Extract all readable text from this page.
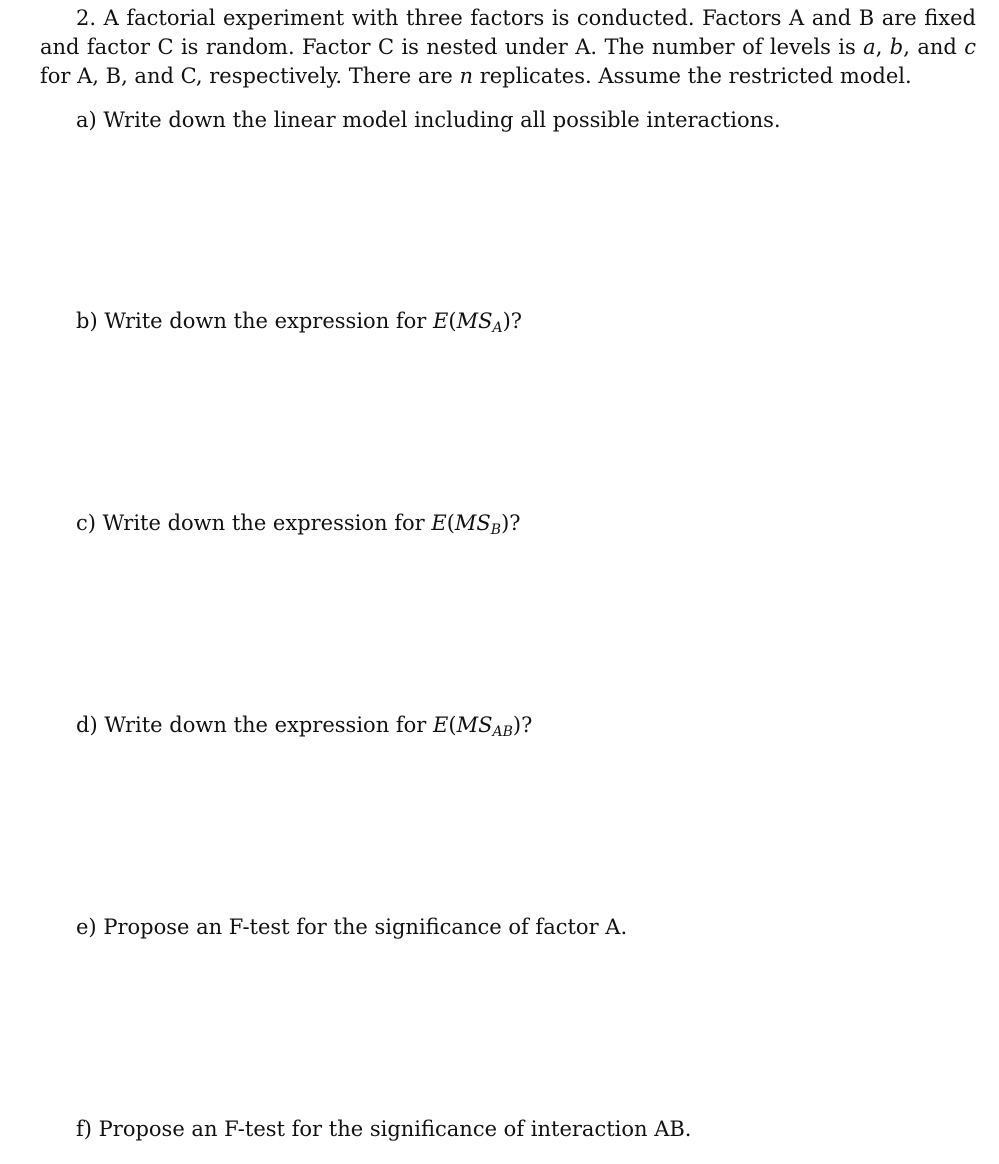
2. A factorial experiment with three factors is conducted. Factors A and B are fixed and factor C is random. Factor C is nested under A. The number of levels is a, b, and c for A, B, and C, respectively. There are n replicates. Assume the restricted model.

a) Write down the linear model including all possible interactions.

b) Write down the expression for $E(MS_A)$?

c) Write down the expression for $E(MS_B)$?

d) Write down the expression for $E(MS_{AB})$?

e) Propose an F-test for the significance of factor A.

f) Propose an F-test for the significance of interaction AB.
